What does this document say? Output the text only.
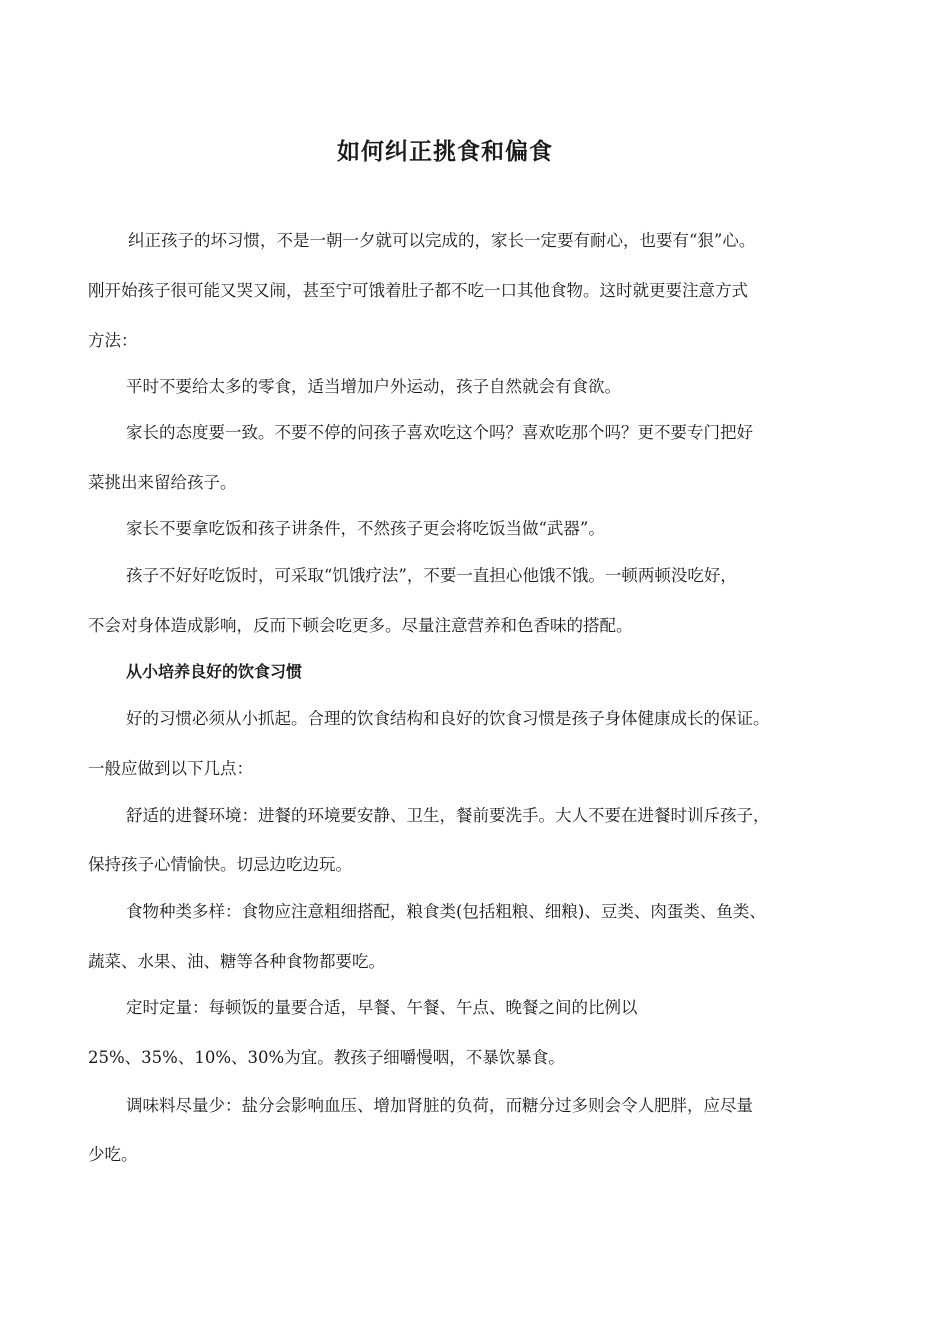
如何纠正挑食和偏食

纠正孩子的坏习惯，不是一朝一夕就可以完成的，家长一定要有耐心，也要有“狠”心。

刚开始孩子很可能又哭又闹，甚至宁可饿着肚子都不吃一口其他食物。这时就更要注意方式

方法：

平时不要给太多的零食，适当增加户外运动，孩子自然就会有食欲。

家长的态度要一致。不要不停的问孩子喜欢吃这个吗？喜欢吃那个吗？更不要专门把好

菜挑出来留给孩子。

家长不要拿吃饭和孩子讲条件，不然孩子更会将吃饭当做“武器”。

孩子不好好吃饭时，可采取“饥饿疗法”，不要一直担心他饿不饿。一顿两顿没吃好，

不会对身体造成影响，反而下顿会吃更多。尽量注意营养和色香味的搭配。

从小培养良好的饮食习惯

好的习惯必须从小抓起。合理的饮食结构和良好的饮食习惯是孩子身体健康成长的保证。

一般应做到以下几点：

舒适的进餐环境：进餐的环境要安静、卫生，餐前要洗手。大人不要在进餐时训斥孩子，

保持孩子心情愉快。切忌边吃边玩。

食物种类多样：食物应注意粗细搭配，粮食类(包括粗粮、细粮)、豆类、肉蛋类、鱼类、

蔬菜、水果、油、糖等各种食物都要吃。

定时定量：每顿饭的量要合适，早餐、午餐、午点、晚餐之间的比例以

25%、35%、10%、30%为宜。教孩子细嚼慢咽，不暴饮暴食。

调味料尽量少：盐分会影响血压、增加肾脏的负荷，而糖分过多则会令人肥胖，应尽量

少吃。
